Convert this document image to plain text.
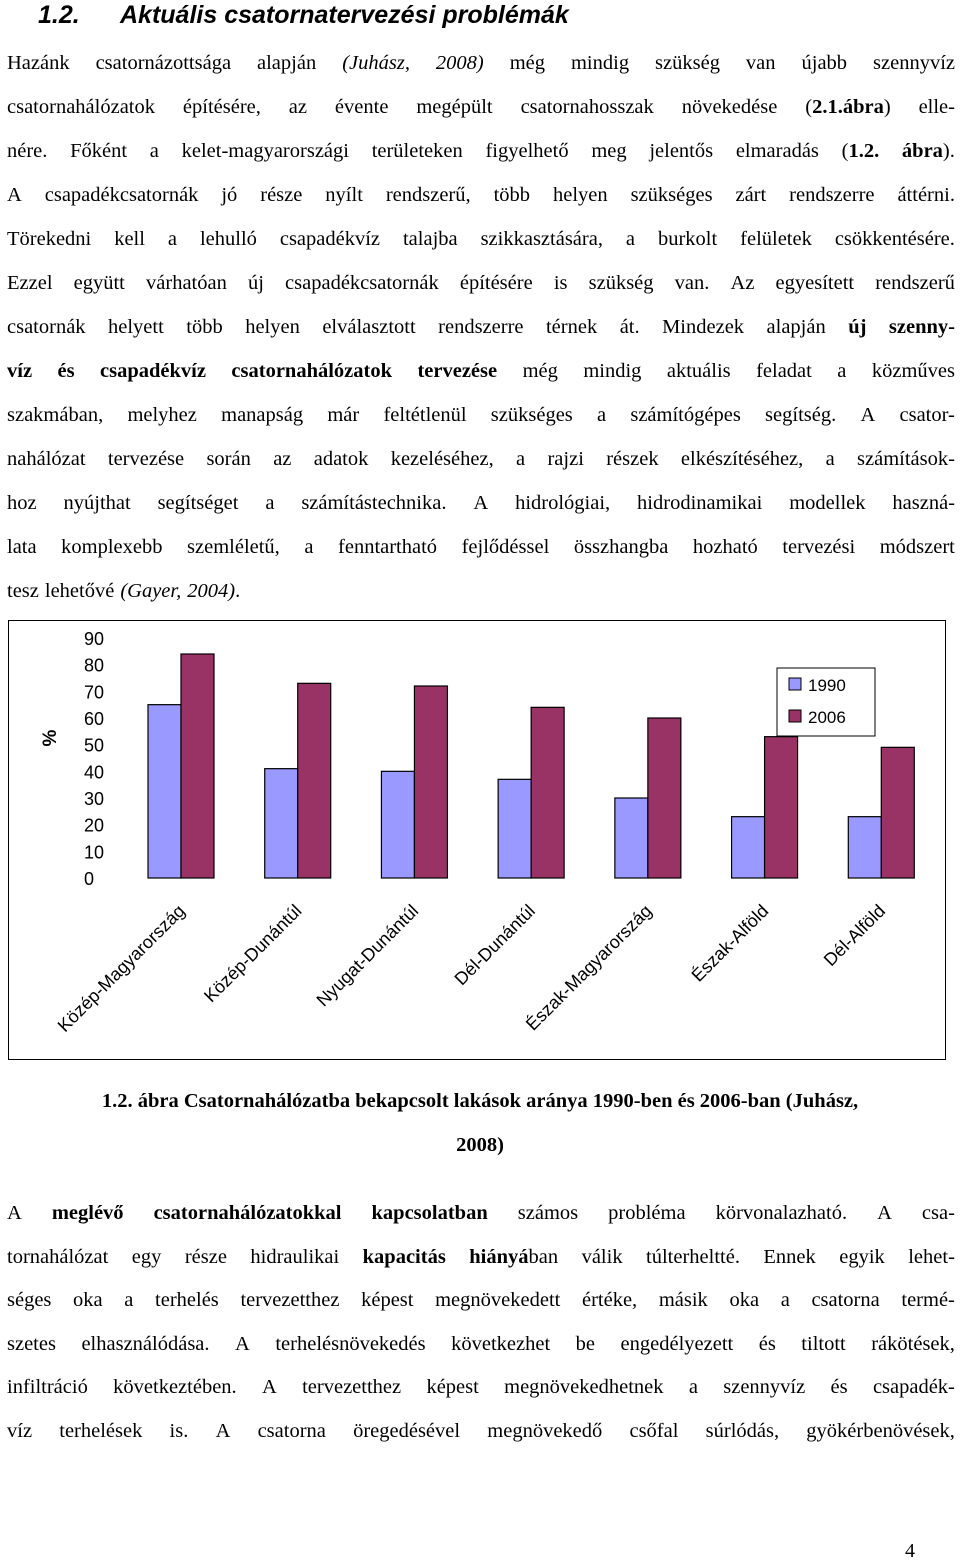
1.2. Aktuális csatornatervezési problémák
Hazánk csatornázottsága alapján (Juhász, 2008) még mindig szükség van újabb szennyvíz
csatornahálózatok építésére, az évente megépült csatornahosszak növekedése (2.1.ábra) elle-
nére. Főként a kelet-magyarországi területeken figyelhető meg jelentős elmaradás (1.2. ábra).
A csapadékcsatornák jó része nyílt rendszerű, több helyen szükséges zárt rendszerre áttérni.
Törekedni kell a lehulló csapadékvíz talajba szikkasztására, a burkolt felületek csökkentésére.
Ezzel együtt várhatóan új csapadékcsatornák építésére is szükség van. Az egyesített rendszerű
csatornák helyett több helyen elválasztott rendszerre térnek át. Mindezek alapján új szenny-
víz és csapadékvíz csatornahálózatok tervezése még mindig aktuális feladat a közműves
szakmában, melyhez manapság már feltétlenül szükséges a számítógépes segítség. A csator-
nahálózat tervezése során az adatok kezeléséhez, a rajzi részek elkészítéséhez, a számítások-
hoz nyújthat segítséget a számítástechnika. A hidrológiai, hidrodinamikai modellek haszná-
lata komplexebb szemléletű, a fenntartható fejlődéssel összhangba hozható tervezési módszert
tesz lehetővé (Gayer, 2004).
%
0
10
20
30
40
50
60
70
80
90
Közép-Magyarország Közép-Dunántúl Nyugat-Dunántúl Dél-Dunántúl
Észak-Magyarország Észak-Alföld	Dél-Alföld
1990
2006
1.2. ábra Csatornahálózatba bekapcsolt lakások aránya 1990-ben és 2006-ban (Juhász,
2008)
A meglévő csatornahálózatokkal kapcsolatban számos probléma körvonalazható. A csa-
tornahálózat egy része hidraulikai kapacitás hiányában válik túlterheltté. Ennek egyik lehet-
séges oka a terhelés tervezetthez képest megnövekedett értéke, másik oka a csatorna termé-
szetes elhasználódása. A terhelésnövekedés következhet be engedélyezett és tiltott rákötések,
infiltráció következtében. A tervezetthez képest megnövekedhetnek a szennyvíz és csapadék-
víz terhelések is. A csatorna öregedésével megnövekedő csőfal súrlódás, gyökérbenövések,
4
